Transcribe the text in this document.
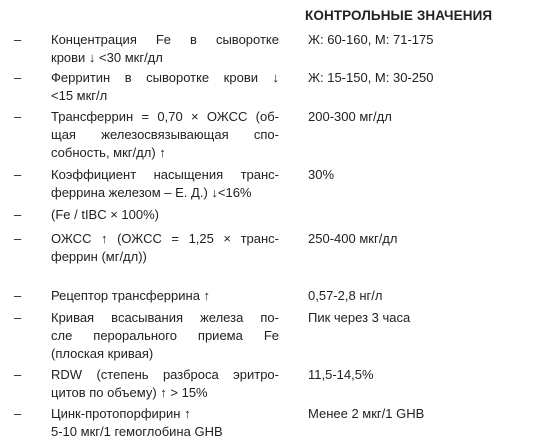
КОНТРОЛЬНЫЕ ЗНАЧЕНИЯ
– Концентрация Fe в сыворотке
крови ↓ <30 мкг/дл
Ж: 60-160, М: 71-175
– Ферритин в сыворотке крови ↓
<15 мкг/л
Ж: 15-150, М: 30-250
– Трансферрин = 0,70 × ОЖСС (об-
щая железосвязывающая спо-
собность, мкг/дл) ↑
200-300 мг/дл
– Коэффициент насыщения транс-
феррина железом – Е. Д.) ↓<16%
30%
– (Fe / tIBC × 100%)
– ОЖСС ↑ (ОЖСС = 1,25 × транс-
феррин (мг/дл))
250-400 мкг/дл
– Рецептор трансферрина ↑	0,57-2,8 нг/л
– Кривая всасывания железа по-
сле перорального приема Fe
(плоская кривая)
Пик через 3 часа
– RDW (степень разброса эритро-
цитов по объему) ↑ > 15%
11,5-14,5%
– Цинк-протопорфирин ↑
5-10 мкг/1 гемоглобина GHB
Менее 2 мкг/1 GHB
